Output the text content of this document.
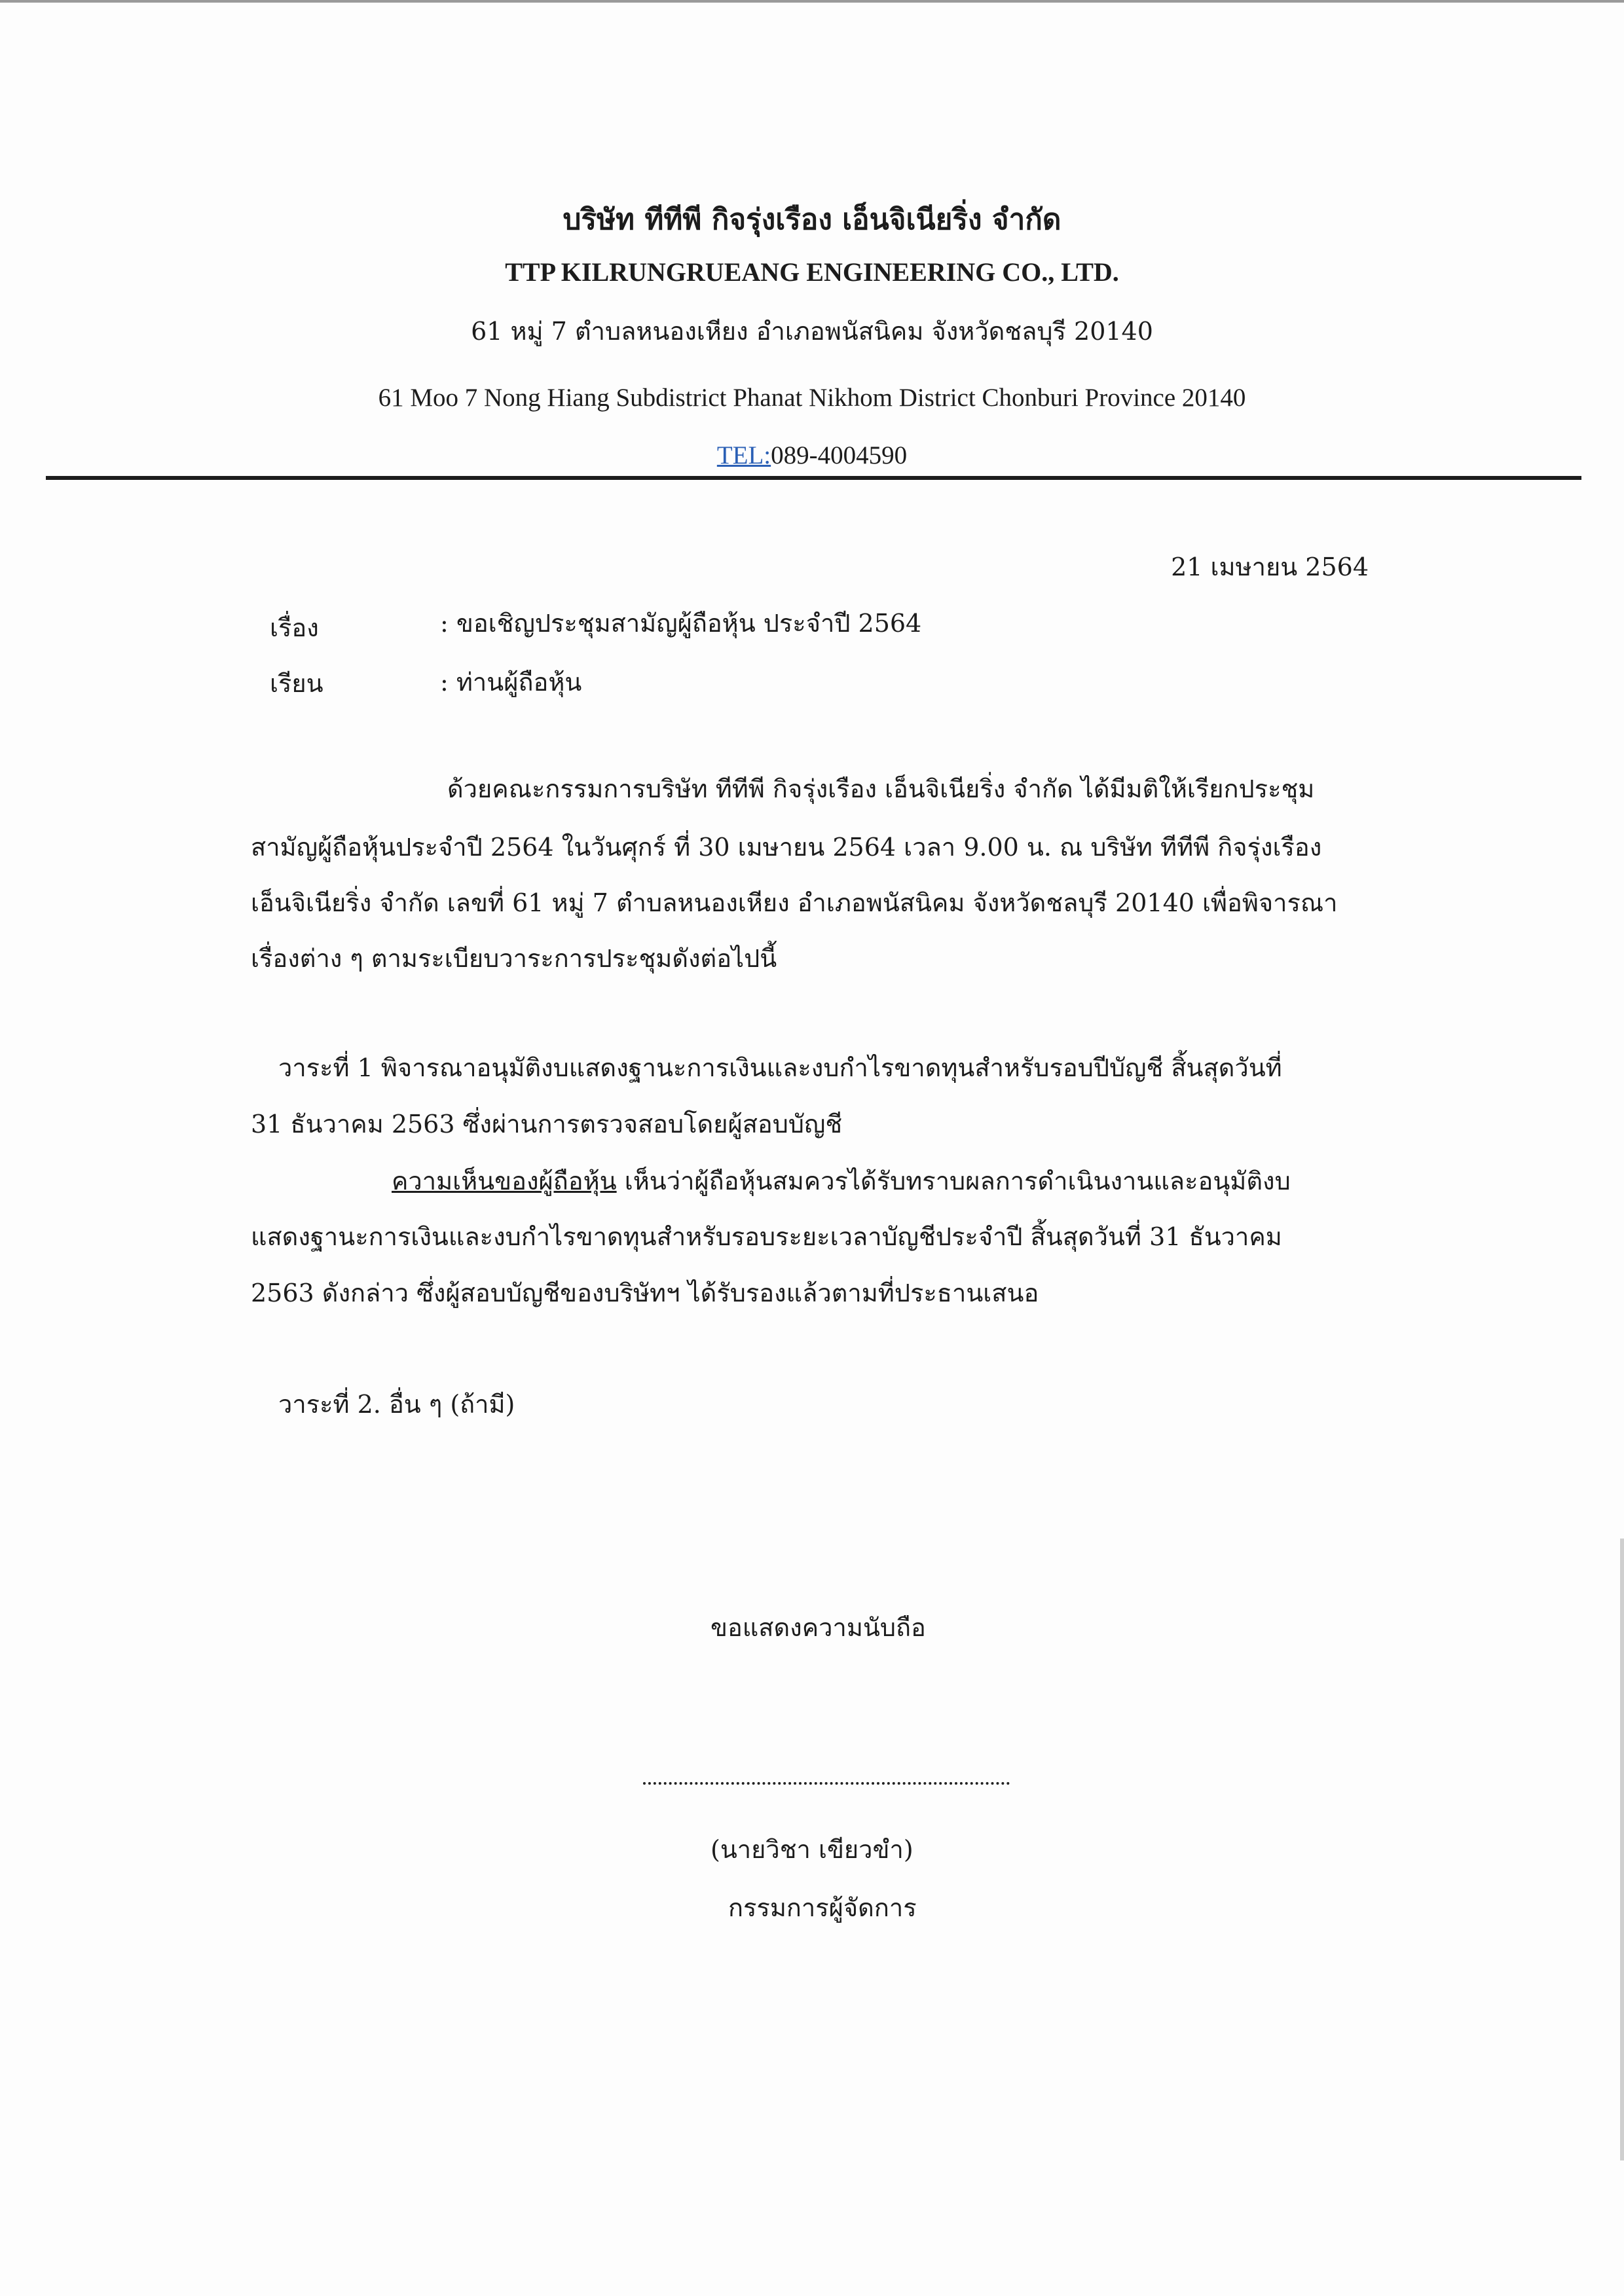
บริษัท ทีทีพี กิจรุ่งเรือง เอ็นจิเนียริ่ง จำกัด
TTP KILRUNGRUEANG ENGINEERING CO., LTD.
61 หมู่ 7 ตำบลหนองเหียง อำเภอพนัสนิคม จังหวัดชลบุรี 20140
61 Moo 7 Nong Hiang Subdistrict Phanat Nikhom District Chonburi Province 20140
TEL:089-4004590
21 เมษายน 2564
เรื่อง	: ขอเชิญประชุมสามัญผู้ถือหุ้น ประจำปี 2564
เรียน	: ท่านผู้ถือหุ้น
ด้วยคณะกรรมการบริษัท ทีทีพี กิจรุ่งเรือง เอ็นจิเนียริ่ง จำกัด ได้มีมติให้เรียกประชุม
สามัญผู้ถือหุ้นประจำปี 2564 ในวันศุกร์ ที่ 30 เมษายน 2564 เวลา 9.00 น. ณ บริษัท ทีทีพี กิจรุ่งเรือง
เอ็นจิเนียริ่ง จำกัด เลขที่ 61 หมู่ 7 ตำบลหนองเหียง อำเภอพนัสนิคม จังหวัดชลบุรี 20140 เพื่อพิจารณา
เรื่องต่าง ๆ ตามระเบียบวาระการประชุมดังต่อไปนี้
วาระที่ 1 พิจารณาอนุมัติงบแสดงฐานะการเงินและงบกำไรขาดทุนสำหรับรอบปีบัญชี สิ้นสุดวันที่
31 ธันวาคม 2563 ซึ่งผ่านการตรวจสอบโดยผู้สอบบัญชี
ความเห็นของผู้ถือหุ้น เห็นว่าผู้ถือหุ้นสมควรได้รับทราบผลการดำเนินงานและอนุมัติงบ
แสดงฐานะการเงินและงบกำไรขาดทุนสำหรับรอบระยะเวลาบัญชีประจำปี สิ้นสุดวันที่ 31 ธันวาคม
2563 ดังกล่าว ซึ่งผู้สอบบัญชีของบริษัทฯ ได้รับรองแล้วตามที่ประธานเสนอ
วาระที่ 2. อื่น ๆ (ถ้ามี)
ขอแสดงความนับถือ
(นายวิชา เขียวขำ)
กรรมการผู้จัดการ
